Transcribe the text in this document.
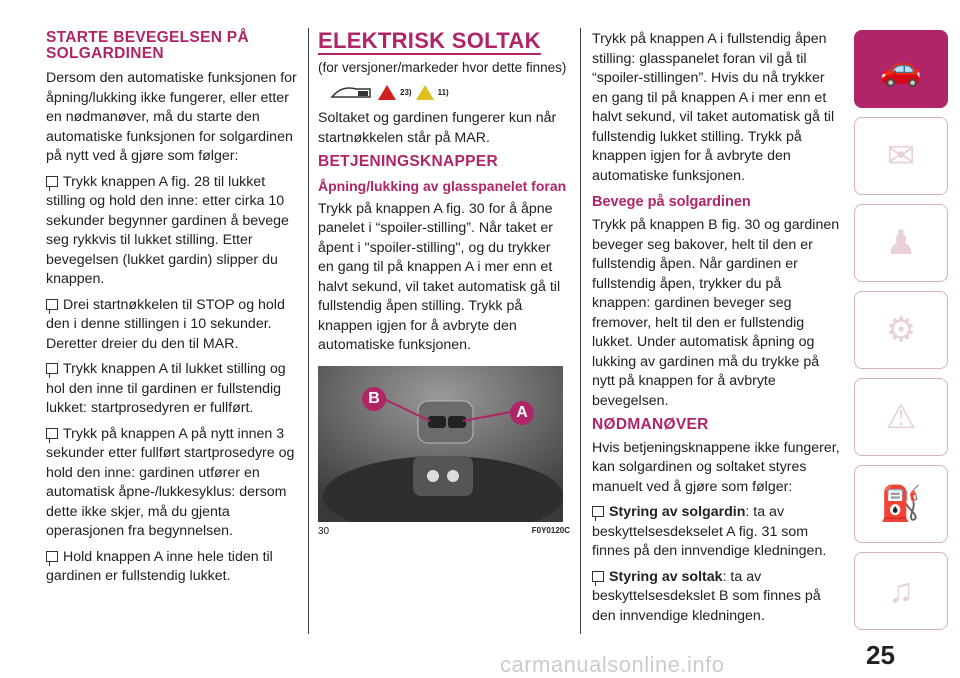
STARTE BEVEGELSEN PÅ SOLGARDINEN

Dersom den automatiske funksjonen for åpning/lukking ikke fungerer, eller etter en nødmanøver, må du starte den automatiske funksjonen for solgardinen på nytt ved å gjøre som følger:

Trykk knappen A fig. 28 til lukket stilling og hold den inne: etter cirka 10 sekunder begynner gardinen å bevege seg rykkvis til lukket stilling. Etter bevegelsen (lukket gardin) slipper du knappen.

Drei startnøkkelen til STOP og hold den i denne stillingen i 10 sekunder. Deretter dreier du den til MAR.

Trykk knappen A til lukket stilling og hol den inne til gardinen er fullstendig lukket: startprosedyren er fullført.

Trykk på knappen A på nytt innen 3 sekunder etter fullført startprosedyre og hold den inne: gardinen utfører en automatisk åpne-/lukkesyklus: dersom dette ikke skjer, må du gjenta operasjonen fra begynnelsen.

Hold knappen A inne hele tiden til gardinen er fullstendig lukket.

ELEKTRISK SOLTAK

(for versjoner/markeder hvor dette finnes)

23)	11)

Soltaket og gardinen fungerer kun når startnøkkelen står på MAR.

BETJENINGSKNAPPER
Åpning/lukking av glasspanelet foran

Trykk på knappen A fig. 30 for å åpne panelet i “spoiler-stilling”. Når taket er åpent i "spoiler-stilling", og du trykker en gang til på knappen A i mer enn et halvt sekund, vil taket automatisk gå til fullstendig åpen stilling. Trykk på knappen igjen for å avbryte den automatiske funksjonen.

B
A
30	F0Y0120C

Trykk på knappen A i fullstendig åpen stilling: glasspanelet foran vil gå til “spoiler-stillingen”. Hvis du nå trykker en gang til på knappen A i mer enn et halvt sekund, vil taket automatisk gå til fullstendig lukket stilling. Trykk på knappen igjen for å avbryte den automatiske funksjonen.

Bevege på solgardinen

Trykk på knappen B fig. 30 og gardinen beveger seg bakover, helt til den er fullstendig åpen. Når gardinen er fullstendig åpen, trykker du på knappen: gardinen beveger seg fremover, helt til den er fullstendig lukket. Under automatisk åpning og lukking av gardinen må du trykke på nytt på knappen for å avbryte bevegelsen.

NØDMANØVER

Hvis betjeningsknappene ikke fungerer, kan solgardinen og soltaket styres manuelt ved å gjøre som følger:

Styring av solgardin: ta av beskyttelsesdekselet A fig. 31 som finnes på den innvendige kledningen.

Styring av soltak: ta av beskyttelsesdekslet B som finnes på den innvendige kledningen.

🚗
✉
♟
⚙
⚠
⛽
♫
25
carmanualsonline.info
